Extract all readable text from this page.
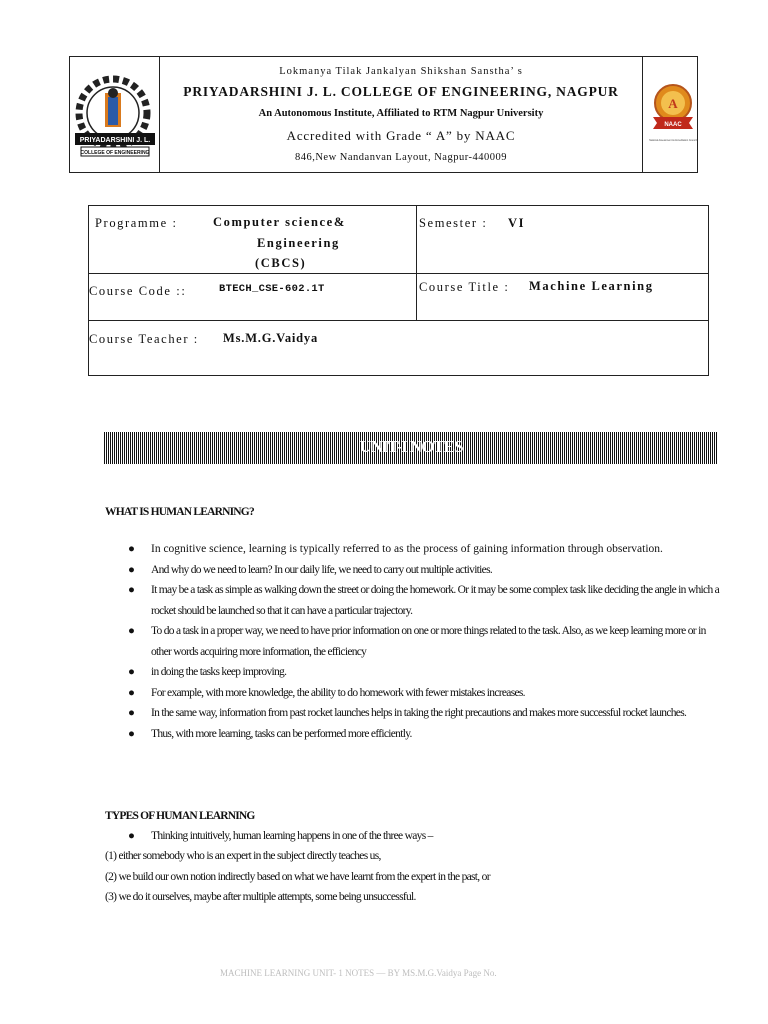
PRIYADARSHINI J. L.
COLLEGE OF ENGINEERING
A
NAAC
National Assessment & Accreditation Council
Lokmanya Tilak Jankalyan Shikshan Sanstha’ s
PRIYADARSHINI J. L. COLLEGE OF ENGINEERING, NAGPUR
An Autonomous Institute, Affiliated to RTM Nagpur University
Accredited with Grade “ A” by NAAC
846,New Nandanvan Layout, Nagpur-440009
Programme :	Computer science&
Engineering
(CBCS)
Semester : VI
Course Code ::	BTECH_CSE-602.1T	Course Title : Machine Learning
Course Teacher : Ms.M.G.Vaidya
UNIT-I NOTES
WHAT IS HUMAN LEARNING?
● In cognitive science, learning is typically referred to as the process of gaining information through observation.
● And why do we need to learn? In our daily life, we need to carry out multiple activities.
● It may be a task as simple as walking down the street or doing the homework. Or it may be some complex task like deciding the angle in which a rocket should be launched so that it can have a particular trajectory.
● To do a task in a proper way, we need to have prior information on one or more things related to the task. Also, as we keep learning more or in other words acquiring more information, the efficiency
● in doing the tasks keep improving.
● For example, with more knowledge, the ability to do homework with fewer mistakes increases.
● In the same way, information from past rocket launches helps in taking the right precautions and makes more successful rocket launches.
● Thus, with more learning, tasks can be performed more efficiently.
TYPES OF HUMAN LEARNING
● Thinking intuitively, human learning happens in one of the three ways –
(1) either somebody who is an expert in the subject directly teaches us,
(2) we build our own notion indirectly based on what we have learnt from the expert in the past, or
(3) we do it ourselves, maybe after multiple attempts, some being unsuccessful.
MACHINE LEARNING UNIT- 1 NOTES — BY MS.M.G.Vaidya Page No.
